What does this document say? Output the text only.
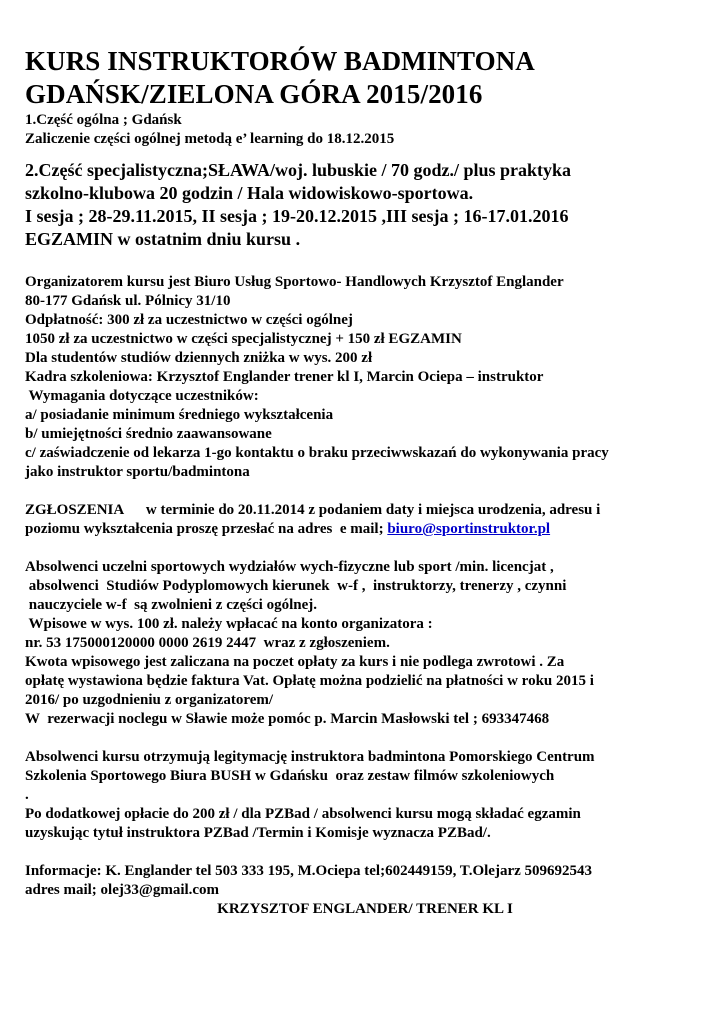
KURS INSTRUKTORÓW BADMINTONA

GDAŃSK/ZIELONA GÓRA 2015/2016

1.Część ogólna ; Gdańsk

Zaliczenie części ogólnej metodą e’ learning do 18.12.2015

2.Część specjalistyczna;SŁAWA/woj. lubuskie / 70 godz./ plus praktyka

szkolno-klubowa 20 godzin / Hala widowiskowo-sportowa.

I sesja ; 28-29.11.2015, II sesja ; 19-20.12.2015 ,III sesja ; 16-17.01.2016

EGZAMIN w ostatnim dniu kursu .

Organizatorem kursu jest Biuro Usług Sportowo- Handlowych Krzysztof Englander

80-177 Gdańsk ul. Pólnicy 31/10

Odpłatność: 300 zł za uczestnictwo w części ogólnej

1050 zł za uczestnictwo w części specjalistycznej + 150 zł EGZAMIN

Dla studentów studiów dziennych zniżka w wys. 200 zł

Kadra szkoleniowa: Krzysztof Englander trener kl I, Marcin Ociepa – instruktor

Wymagania dotyczące uczestników:

a/ posiadanie minimum średniego wykształcenia

b/ umiejętności średnio zaawansowane

c/ zaświadczenie od lekarza 1-go kontaktu o braku przeciwwskazań do wykonywania pracy

jako instruktor sportu/badmintona

ZGŁOSZENIA      w terminie do 20.11.2014 z podaniem daty i miejsca urodzenia, adresu i

poziomu wykształcenia proszę przesłać na adres  e mail; biuro@sportinstruktor.pl

Absolwenci uczelni sportowych wydziałów wych-fizyczne lub sport /min. licencjat ,

absolwenci  Studiów Podyplomowych kierunek  w-f ,  instruktorzy, trenerzy , czynni

nauczyciele w-f  są zwolnieni z części ogólnej.

Wpisowe w wys. 100 zł. należy wpłacać na konto organizatora :

nr. 53 175000120000 0000 2619 2447  wraz z zgłoszeniem.

Kwota wpisowego jest zaliczana na poczet opłaty za kurs i nie podlega zwrotowi . Za

opłatę wystawiona będzie faktura Vat. Opłatę można podzielić na płatności w roku 2015 i

2016/ po uzgodnieniu z organizatorem/

W  rezerwacji noclegu w Sławie może pomóc p. Marcin Masłowski tel ; 693347468

Absolwenci kursu otrzymują legitymację instruktora badmintona Pomorskiego Centrum

Szkolenia Sportowego Biura BUSH w Gdańsku  oraz zestaw filmów szkoleniowych

.

Po dodatkowej opłacie do 200 zł / dla PZBad / absolwenci kursu mogą składać egzamin

uzyskując tytuł instruktora PZBad /Termin i Komisje wyznacza PZBad/.

Informacje: K. Englander tel 503 333 195, M.Ociepa tel;602449159, T.Olejarz 509692543

adres mail; olej33@gmail.com

KRZYSZTOF ENGLANDER/ TRENER KL I
